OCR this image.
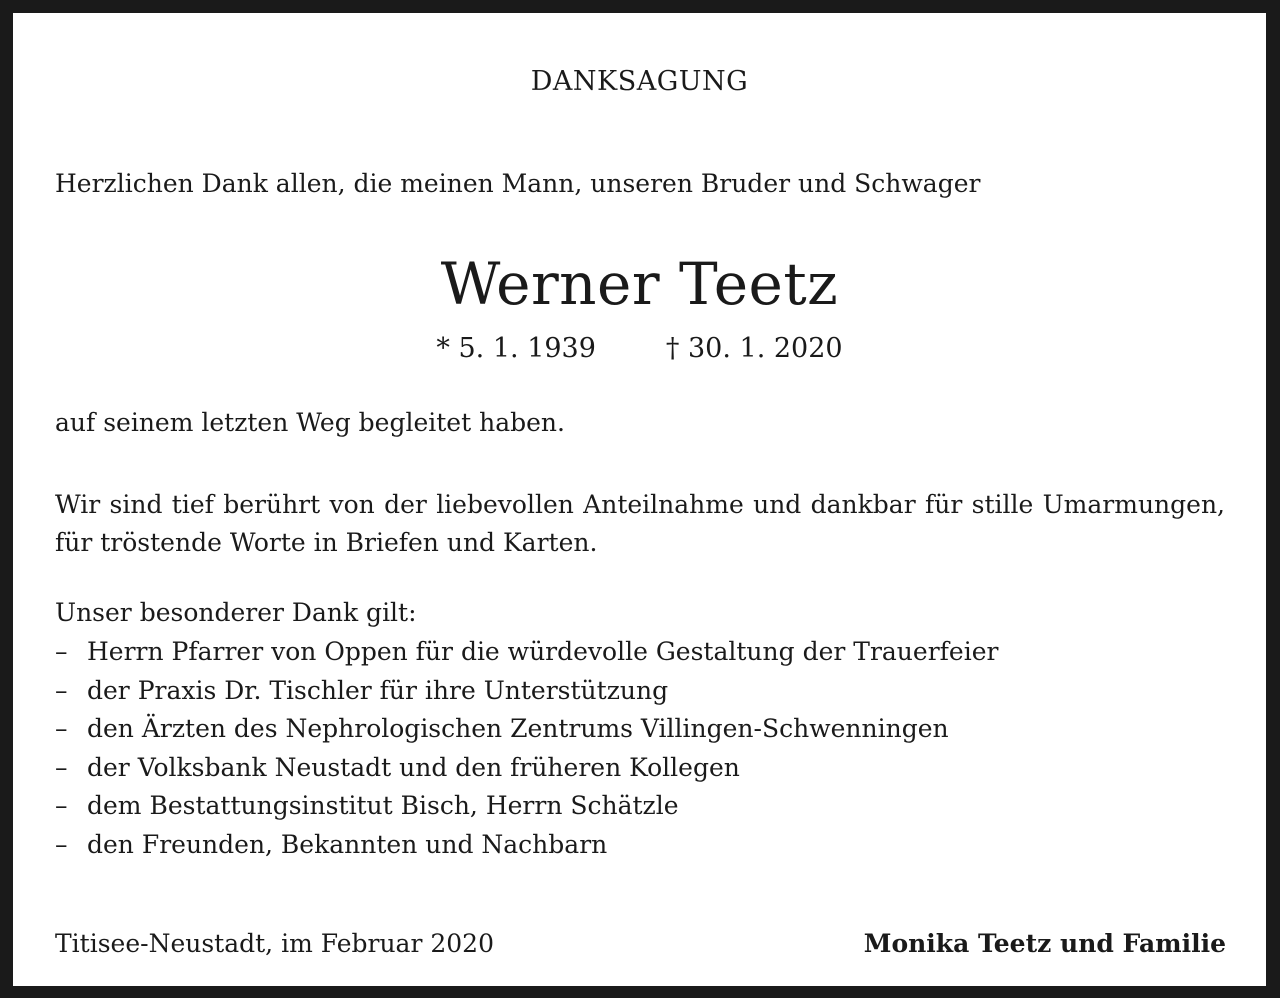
DANKSAGUNG
Herzlichen Dank allen, die meinen Mann, unseren Bruder und Schwager
Werner Teetz
* 5. 1. 1939	† 30. 1. 2020
auf seinem letzten Weg begleitet haben.
Wir sind tief berührt von der liebevollen Anteilnahme und dankbar für stille Umarmungen,
für tröstende Worte in Briefen und Karten.
Unser besonderer Dank gilt:
– Herrn Pfarrer von Oppen für die würdevolle Gestaltung der Trauerfeier
– der Praxis Dr. Tischler für ihre Unterstützung
– den Ärzten des Nephrologischen Zentrums Villingen-Schwenningen
– der Volksbank Neustadt und den früheren Kollegen
– dem Bestattungsinstitut Bisch, Herrn Schätzle
– den Freunden, Bekannten und Nachbarn
Titisee-Neustadt, im Februar 2020	Monika Teetz und Familie
